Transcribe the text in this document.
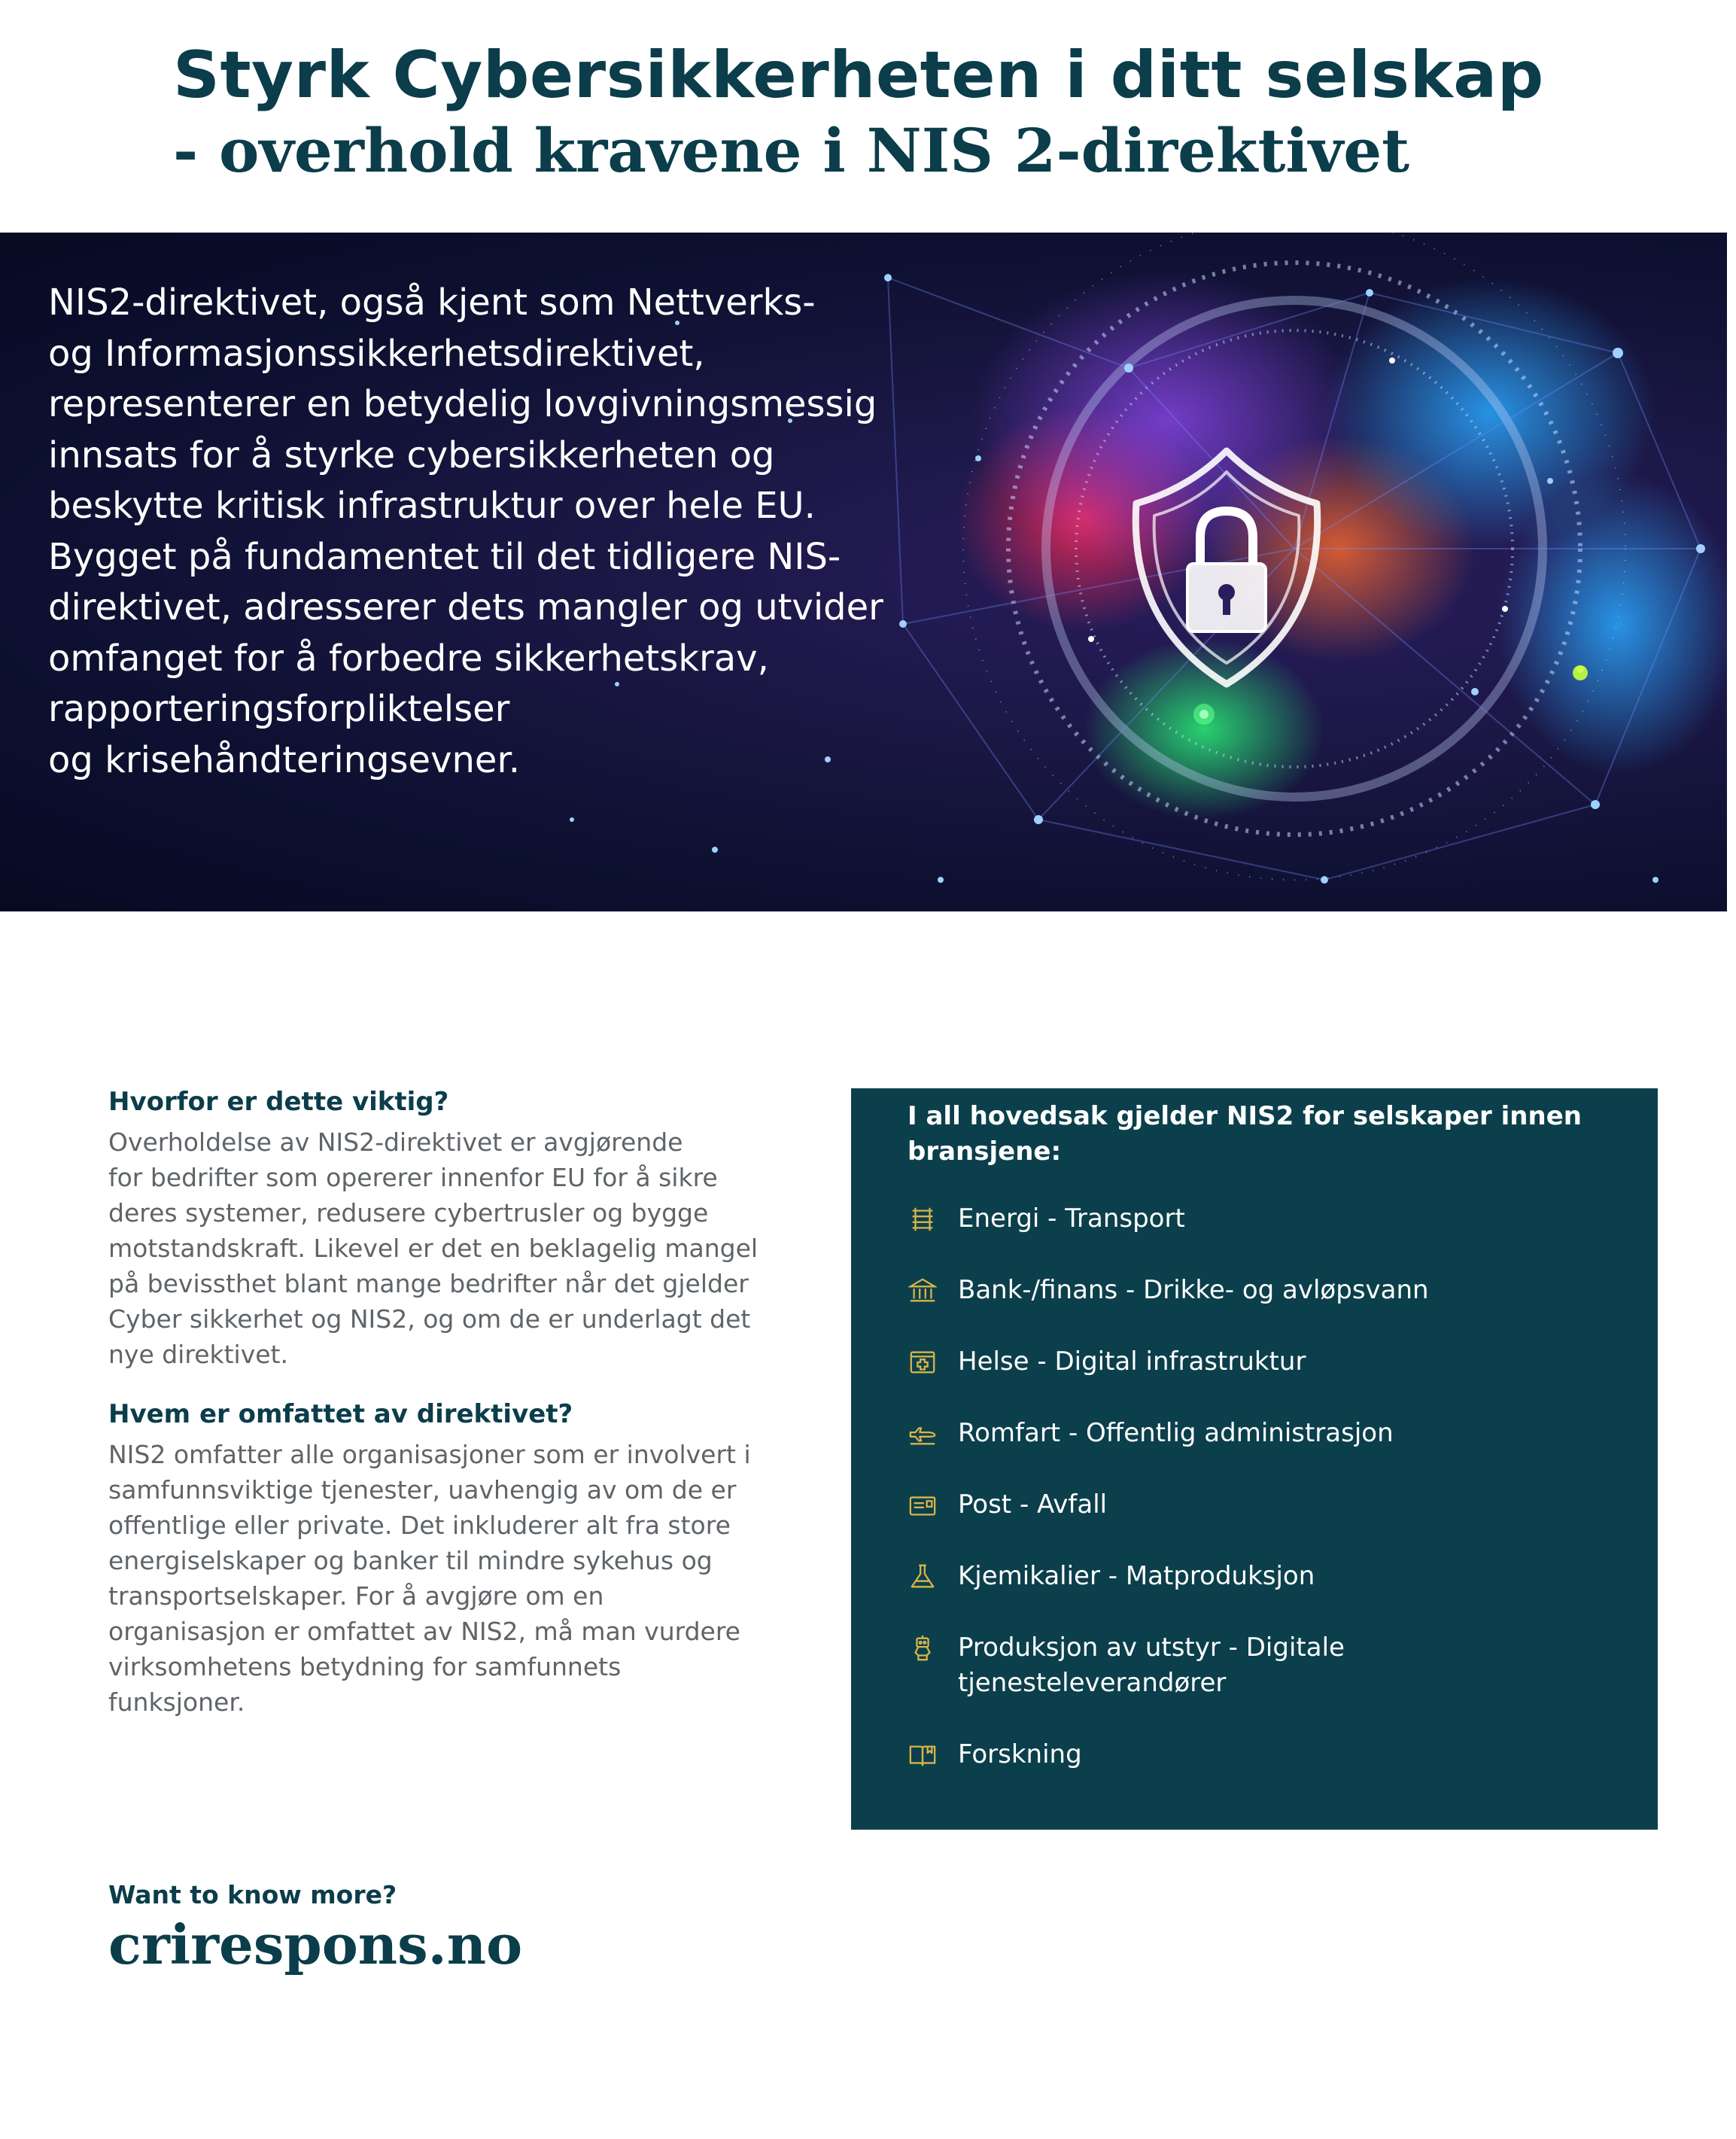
Styrk Cybersikkerheten i ditt selskap
- overhold kravene i NIS 2-direktivet
NIS2-direktivet, også kjent som Nettverks-
og Informasjonssikkerhetsdirektivet,
representerer en betydelig lovgivningsmessig
innsats for å styrke cybersikkerheten og
beskytte kritisk infrastruktur over hele EU.
Bygget på fundamentet til det tidligere NIS-
direktivet, adresserer dets mangler og utvider
omfanget for å forbedre sikkerhetskrav,
rapporteringsforpliktelser
og krisehåndteringsevner.
Hvorfor er dette viktig?
Overholdelse av NIS2-direktivet er avgjørende
for bedrifter som opererer innenfor EU for å sikre
deres systemer, redusere cybertrusler og bygge
motstandskraft. Likevel er det en beklagelig mangel
på bevissthet blant mange bedrifter når det gjelder
Cyber sikkerhet og NIS2, og om de er underlagt det
nye direktivet.
Hvem er omfattet av direktivet?
NIS2 omfatter alle organisasjoner som er involvert i
samfunnsviktige tjenester, uavhengig av om de er
offentlige eller private. Det inkluderer alt fra store
energiselskaper og banker til mindre sykehus og
transportselskaper. For å avgjøre om en
organisasjon er omfattet av NIS2, må man vurdere
virksomhetens betydning for samfunnets
funksjoner.
I all hovedsak gjelder NIS2 for selskaper innen
bransjene:
Energi - Transport
Bank-/finans - Drikke- og avløpsvann
Helse - Digital infrastruktur
Romfart - Offentlig administrasjon
Post - Avfall
Kjemikalier - Matproduksjon
Produksjon av utstyr - Digitale
tjenesteleverandører
Forskning
Want to know more?
crirespons.no
